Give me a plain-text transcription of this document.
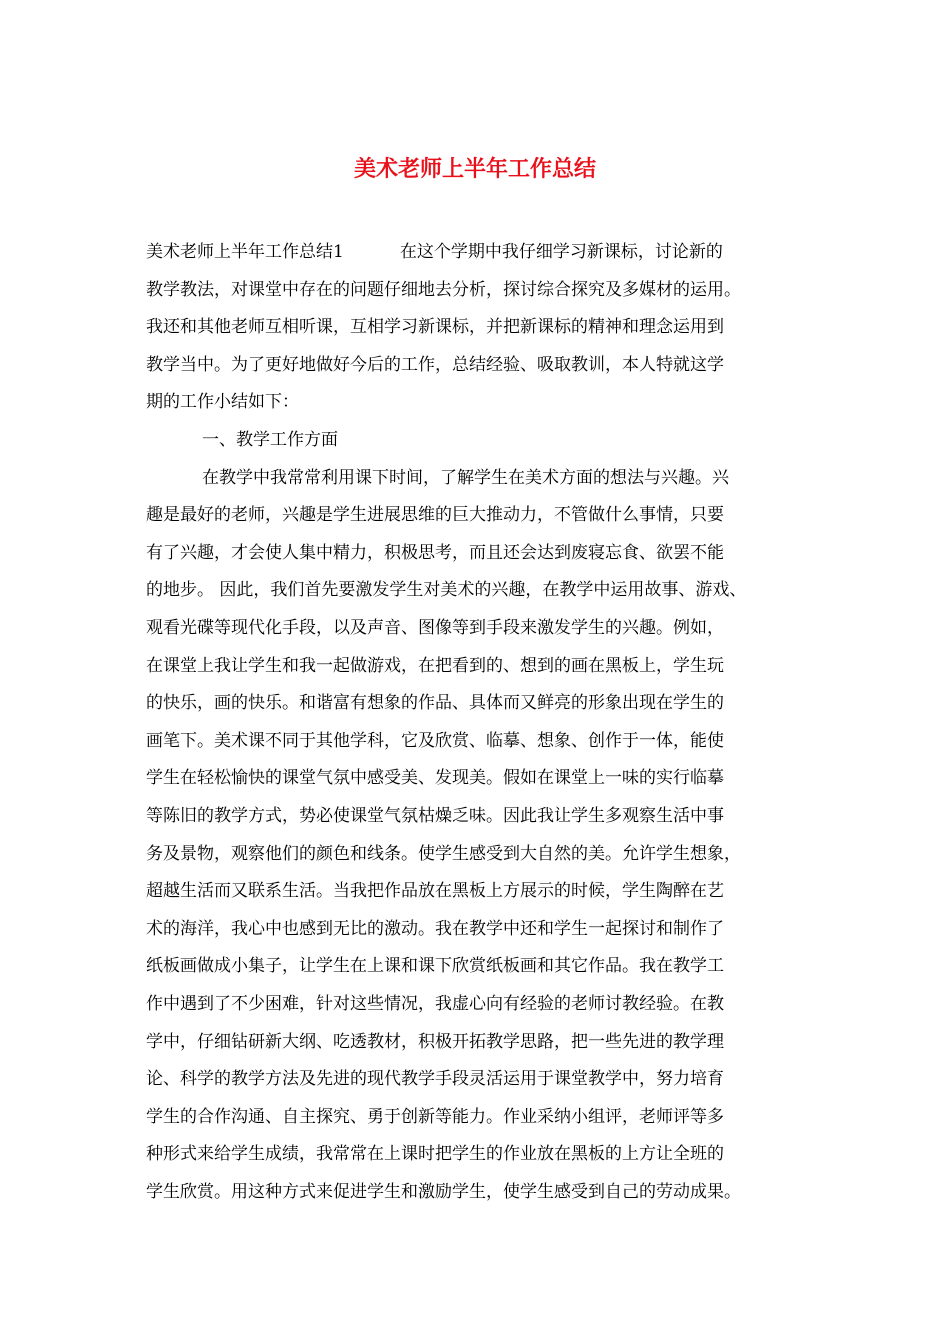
美术老师上半年工作总结
美术老师上半年工作总结1	在这个学期中我仔细学习新课标，讨论新的
教学教法，对课堂中存在的问题仔细地去分析，探讨综合探究及多媒材的运用。
我还和其他老师互相听课，互相学习新课标，并把新课标的精神和理念运用到
教学当中。为了更好地做好今后的工作，总结经验、吸取教训，本人特就这学
期的工作小结如下：
一、教学工作方面
在教学中我常常利用课下时间，了解学生在美术方面的想法与兴趣。兴
趣是最好的老师，兴趣是学生进展思维的巨大推动力，不管做什么事情，只要
有了兴趣，才会使人集中精力，积极思考，而且还会达到废寝忘食、欲罢不能
的地步。 因此，我们首先要激发学生对美术的兴趣，在教学中运用故事、游戏、
观看光碟等现代化手段，以及声音、图像等到手段来激发学生的兴趣。例如，
在课堂上我让学生和我一起做游戏，在把看到的、想到的画在黑板上，学生玩
的快乐，画的快乐。和谐富有想象的作品、具体而又鲜亮的形象出现在学生的
画笔下。美术课不同于其他学科，它及欣赏、临摹、想象、创作于一体，能使
学生在轻松愉快的课堂气氛中感受美、发现美。假如在课堂上一味的实行临摹
等陈旧的教学方式，势必使课堂气氛枯燥乏味。因此我让学生多观察生活中事
务及景物，观察他们的颜色和线条。使学生感受到大自然的美。允许学生想象，
超越生活而又联系生活。当我把作品放在黑板上方展示的时候，学生陶醉在艺
术的海洋，我心中也感到无比的激动。我在教学中还和学生一起探讨和制作了
纸板画做成小集子，让学生在上课和课下欣赏纸板画和其它作品。我在教学工
作中遇到了不少困难，针对这些情况，我虚心向有经验的老师讨教经验。在教
学中，仔细钻研新大纲、吃透教材，积极开拓教学思路，把一些先进的教学理
论、科学的教学方法及先进的现代教学手段灵活运用于课堂教学中，努力培育
学生的合作沟通、自主探究、勇于创新等能力。作业采纳小组评，老师评等多
种形式来给学生成绩，我常常在上课时把学生的作业放在黑板的上方让全班的
学生欣赏。用这种方式来促进学生和激励学生，使学生感受到自己的劳动成果。
